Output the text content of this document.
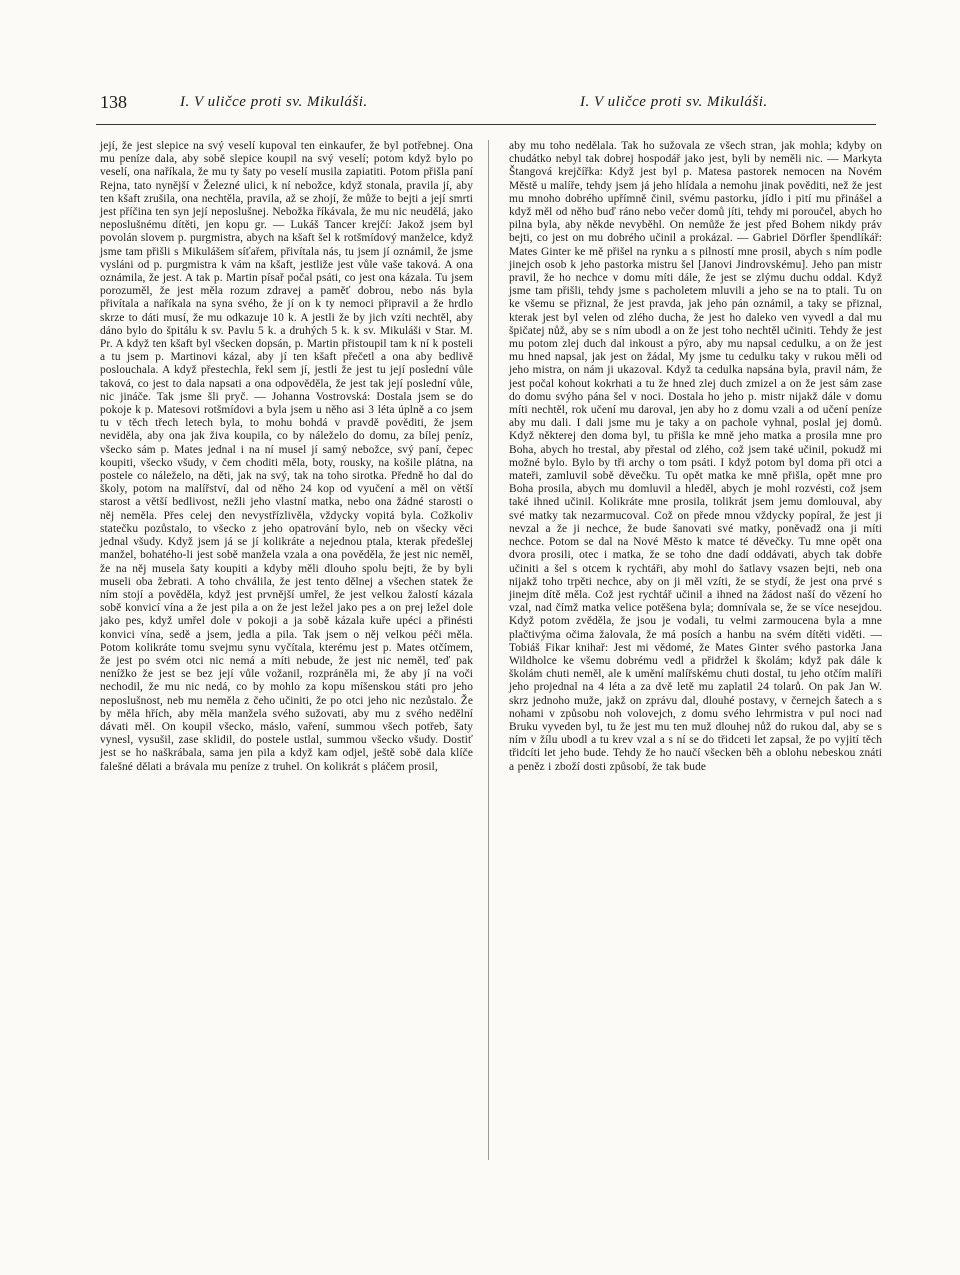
138	I. V uličce proti sv. Mikuláši.	I. V uličce proti sv. Mikuláši.

její, že jest slepice na svý veselí kupoval ten einkaufer, že byl potřebnej. Ona mu peníze dala, aby sobě slepice koupil na svý veselí; potom když bylo po veselí, ona naříkala, že mu ty šaty po veselí musila zapiatiti. Potom přišla paní Rejna, tato nynější v Železné ulici, k ní nebožce, když stonala, pravila jí, aby ten kšaft zrušila, ona nechtěla, pravila, až se zhojí, že může to bejti a její smrti jest příčina ten syn její neposlušnej. Nebožka říkávala, že mu nic neudělá, jako neposlušnému dítěti, jen kopu gr. — Lukáš Tancer krejčí: Jakož jsem byl povolán slovem p. purgmistra, abych na kšaft šel k rotšmídový manželce, když jsme tam přišli s Mikulášem síťařem, přivítala nás, tu jsem jí oznámil, že jsme vysláni od p. purgmistra k vám na kšaft, jestliže jest vůle vaše taková. A ona oznámila, že jest. A tak p. Martin písař počal psáti, co jest ona kázala. Tu jsem porozuměl, že jest měla rozum zdravej a paměť dobrou, nebo nás byla přivítala a naříkala na syna svého, že jí on k ty nemoci připravil a že hrdlo skrze to dáti musí, že mu odkazuje 10 k. A jestli že by jich vzíti nechtěl, aby dáno bylo do špitálu k sv. Pavlu 5 k. a druhých 5 k. k sv. Mikuláši v Star. M. Pr. A když ten kšaft byl všecken dopsán, p. Martin přistoupil tam k ní k posteli a tu jsem p. Martinovi kázal, aby jí ten kšaft přečetl a ona aby bedlivě poslouchala. A když přestechla, řekl sem jí, jestli že jest tu její poslední vůle taková, co jest to dala napsati a ona odpověděla, že jest tak její poslední vůle, nic jináče. Tak jsme šli pryč. — Johanna Vostrovská: Dostala jsem se do pokoje k p. Matesovi rotšmídovi a byla jsem u něho asi 3 léta úplně a co jsem tu v těch třech letech byla, to mohu bohdá v pravdě pověditi, že jsem neviděla, aby ona jak živa koupila, co by náleželo do domu, za bílej peníz, všecko sám p. Mates jednal i na ní musel jí samý nebožce, svý paní, čepec koupiti, všecko všudy, v čem choditi měla, boty, rousky, na košile plátna, na postele co náleželo, na děti, jak na svý, tak na toho sirotka. Předně ho dal do školy, potom na malířství, dal od něho 24 kop od vyučení a měl on větší starost a větší bedlivost, nežli jeho vlastní matka, nebo ona žádné starosti o něj neměla. Přes celej den nevystřízlivěla, vždycky vopitá byla. Cožkoliv statečku pozůstalo, to všecko z jeho opatrování bylo, neb on všecky věci jednal všudy. Když jsem já se jí kolikráte a nejednou ptala, kterak předešlej manžel, bohatého-li jest sobě manžela vzala a ona pověděla, že jest nic neměl, že na něj musela šaty koupiti a kdyby měli dlouho spolu bejti, že by byli museli oba žebrati. A toho chválila, že jest tento dělnej a všechen statek že ním stojí a pověděla, když jest prvnější umřel, že jest velkou žalostí kázala sobě konvicí vína a že jest pila a on že jest ležel jako pes a on prej ležel dole jako pes, když umřel dole v pokoji a ja sobě kázala kuře upéci a přinésti konvici vína, sedě a jsem, jedla a pila. Tak jsem o něj velkou péči měla. Potom kolikráte tomu svejmu synu vyčítala, kterému jest p. Mates otčímem, že jest po svém otci nic nemá a míti nebude, že jest nic neměl, teď pak nenížko že jest se bez její vůle vožanil, rozpráněla mi, že aby jí na voči nechodil, že mu nic nedá, co by mohlo za kopu míšenskou státi pro jeho neposlušnost, neb mu neměla z čeho učiniti, že po otci jeho nic nezůstalo. Že by měla hřích, aby měla manžela svého sužovati, aby mu z svého nedělní dávati měl. On koupil všecko, máslo, vaření, summou všech potřeb, šaty vynesl, vysušil, zase sklidil, do postele ustlal, summou všecko všudy. Dostiť jest se ho naškrábala, sama jen pila a když kam odjel, ještě sobě dala klíče falešné dělati a brávala mu peníze z truhel. On kolikrát s pláčem prosil,

aby mu toho nedělala. Tak ho sužovala ze všech stran, jak mohla; kdyby on chudátko nebyl tak dobrej hospodář jako jest, byli by neměli nic. — Markyta Štangová krejčířka: Když jest byl p. Matesa pastorek nemocen na Novém Městě u malíře, tehdy jsem já jeho hlídala a nemohu jinak pověditi, než že jest mu mnoho dobrého upřímně činil, svému pastorku, jídlo i pití mu přinášel a když měl od něho buď ráno nebo večer domů jíti, tehdy mi poroučel, abych ho pilna byla, aby někde nevyběhl. On nemůže že jest před Bohem nikdy práv bejti, co jest on mu dobrého učinil a prokázal. — Gabriel Dörfler špendlíkář: Mates Ginter ke mě přišel na rynku a s pilností mne prosil, abych s ním podle jinejch osob k jeho pastorka mistru šel [Janovi Jindrovskému]. Jeho pan mistr pravil, že ho nechce v domu míti dále, že jest se zlýmu duchu oddal. Když jsme tam přišli, tehdy jsme s pacholetem mluvili a jeho se na to ptali. Tu on ke všemu se přiznal, že jest pravda, jak jeho pán oznámil, a taky se přiznal, kterak jest byl velen od zlého ducha, že jest ho daleko ven vyvedl a dal mu špičatej nůž, aby se s ním ubodl a on že jest toho nechtěl učiniti. Tehdy že jest mu potom zlej duch dal inkoust a pýro, aby mu napsal cedulku, a on že jest mu hned napsal, jak jest on žádal, My jsme tu cedulku taky v rukou měli od jeho mistra, on nám ji ukazoval. Když ta cedulka napsána byla, pravil nám, že jest počal kohout kokrhati a tu že hned zlej duch zmizel a on že jest sám zase do domu svýho pána šel v noci. Dostala ho jeho p. mistr nijakž dále v domu míti nechtěl, rok učení mu daroval, jen aby ho z domu vzali a od učení peníze aby mu dali. I dali jsme mu je taky a on pachole vyhnal, poslal jej domů. Když některej den doma byl, tu přišla ke mně jeho matka a prosila mne pro Boha, abych ho trestal, aby přestal od zlého, což jsem také učinil, pokudž mi možné bylo. Bylo by tři archy o tom psáti. I když potom byl doma při otci a mateři, zamluvil sobě děvečku. Tu opět matka ke mně přišla, opět mne pro Boha prosila, abych mu domluvil a hleděl, abych je mohl rozvésti, což jsem také ihned učinil. Kolikráte mne prosila, tolikrát jsem jemu domlouval, aby své matky tak nezarmucoval. Což on přede mnou vždycky popíral, že jest ji nevzal a že ji nechce, že bude šanovati své matky, poněvadž ona ji míti nechce. Potom se dal na Nové Město k matce té děvečky. Tu mne opět ona dvora prosili, otec i matka, že se toho dne dadí oddávati, abych tak dobře učiniti a šel s otcem k rychtáři, aby mohl do šatlavy vsazen bejti, neb ona nijakž toho trpěti nechce, aby on ji měl vzíti, že se stydí, že jest ona prvé s jinejm dítě měla. Což jest rychtář učinil a ihned na žádost naší do vězení ho vzal, nad čímž matka velice potěšena byla; domnívala se, že se více nesejdou. Když potom zvěděla, že jsou je vodali, tu velmi zarmoucena byla a mne plačtivýma očima žalovala, že má posích a hanbu na svém dítěti viděti. — Tobiáš Fikar knihař: Jest mi vědomé, že Mates Ginter svého pastorka Jana Wildholce ke všemu dobrému vedl a přidržel k školám; když pak dále k školám chuti neměl, ale k umění malířskému chuti dostal, tu jeho otčím malíři jeho projednal na 4 léta a za dvě letě mu zaplatil 24 tolarů. On pak Jan W. skrz jednoho muže, jakž on zprávu dal, dlouhé postavy, v černejch šatech a s nohami v způsobu noh volovejch, z domu svého lehrmistra v pul noci nad Bruku vyveden byl, tu že jest mu ten muž dlouhej nůž do rukou dal, aby se s ním v žílu ubodl a tu krev vzal a s ní se do třidceti let zapsal, že po vyjití těch třidcíti let jeho bude. Tehdy že ho naučí všecken běh a oblohu nebeskou znáti a peněz i zboží dosti způsobí, že tak bude
